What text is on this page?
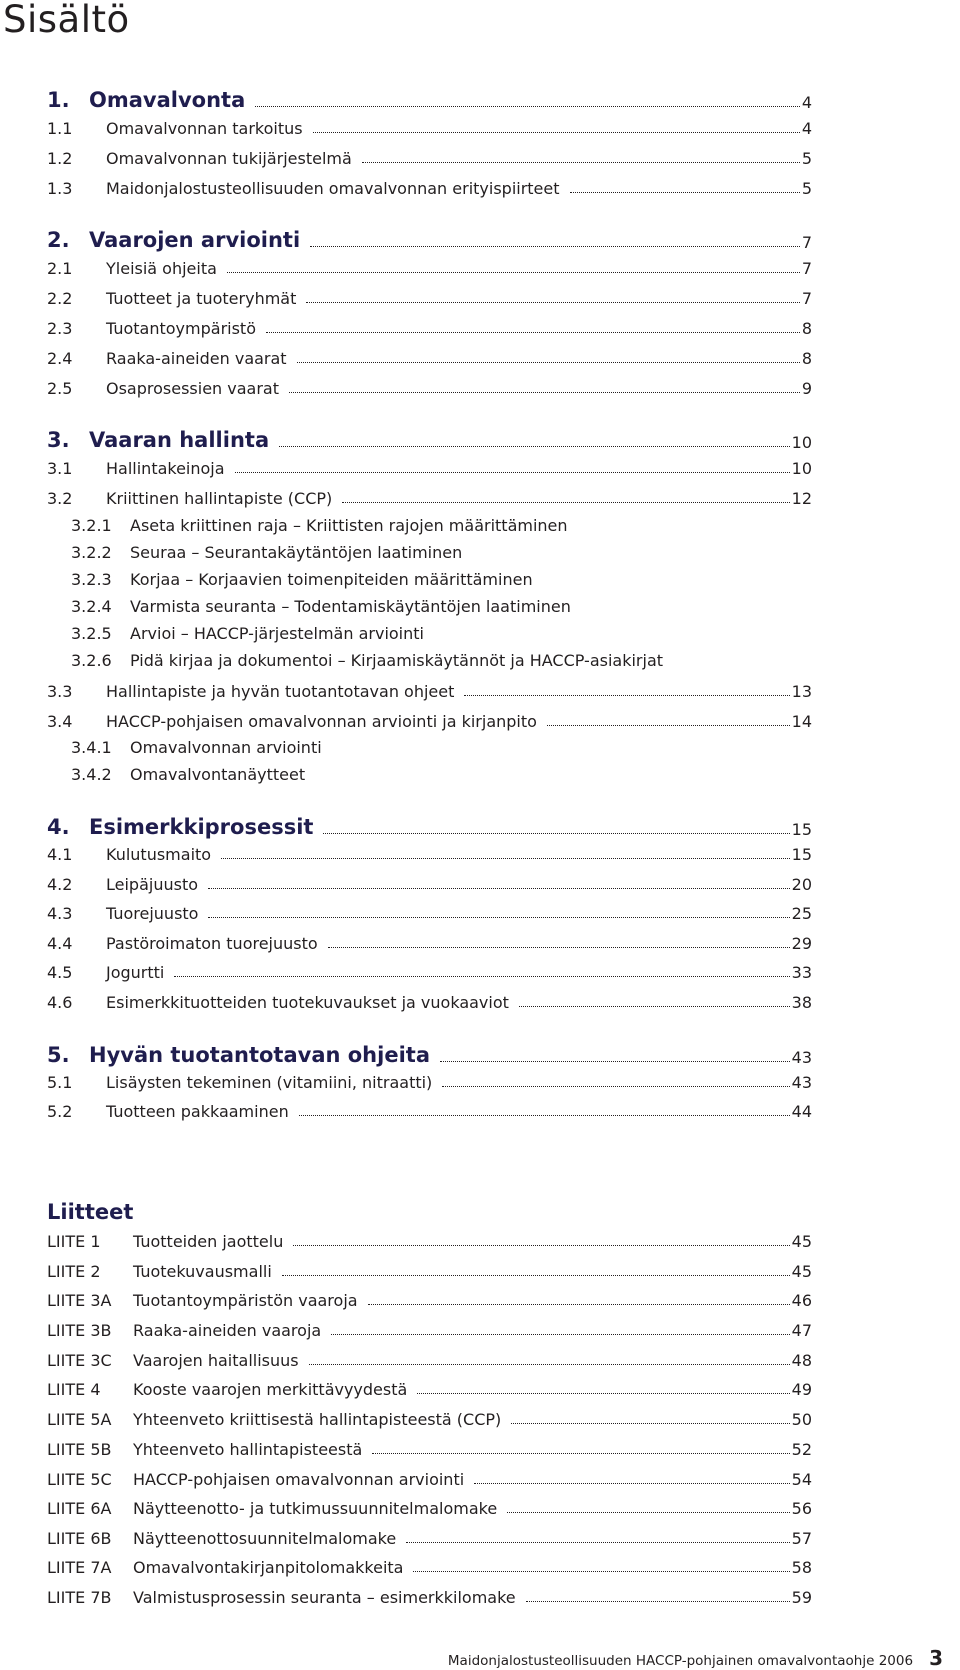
Sisältö
1. Omavalvonta	4
1.1	Omavalvonnan tarkoitus	4
1.2	Omavalvonnan tukijärjestelmä	5
1.3	Maidonjalostusteollisuuden omavalvonnan erityispiirteet	5
2. Vaarojen arviointi	7
2.1	Yleisiä ohjeita	7
2.2	Tuotteet ja tuoteryhmät	7
2.3	Tuotantoympäristö	8
2.4	Raaka-aineiden vaarat	8
2.5	Osaprosessien vaarat	9
3. Vaaran hallinta	10
3.1	Hallintakeinoja	10
3.2	Kriittinen hallintapiste (CCP)	12
3.2.1	Aseta kriittinen raja – Kriittisten rajojen määrittäminen
3.2.2	Seuraa – Seurantakäytäntöjen laatiminen
3.2.3	Korjaa – Korjaavien toimenpiteiden määrittäminen
3.2.4	Varmista seuranta – Todentamiskäytäntöjen laatiminen
3.2.5	Arvioi – HACCP-järjestelmän arviointi
3.2.6	Pidä kirjaa ja dokumentoi – Kirjaamiskäytännöt ja HACCP-asiakirjat
3.3	Hallintapiste ja hyvän tuotantotavan ohjeet	13
3.4	HACCP-pohjaisen omavalvonnan arviointi ja kirjanpito	14
3.4.1	Omavalvonnan arviointi
3.4.2	Omavalvontanäytteet
4. Esimerkkiprosessit	15
4.1	Kulutusmaito	15
4.2	Leipäjuusto	20
4.3	Tuorejuusto	25
4.4	Pastöroimaton tuorejuusto	29
4.5	Jogurtti	33
4.6	Esimerkkituotteiden tuotekuvaukset ja vuokaaviot	38
5. Hyvän tuotantotavan ohjeita	43
5.1	Lisäysten tekeminen (vitamiini, nitraatti)	43
5.2	Tuotteen pakkaaminen	44
Liitteet
LIITE 1	Tuotteiden jaottelu	45
LIITE 2	Tuotekuvausmalli	45
LIITE 3A	Tuotantoympäristön vaaroja	46
LIITE 3B	Raaka-aineiden vaaroja	47
LIITE 3C	Vaarojen haitallisuus	48
LIITE 4	Kooste vaarojen merkittävyydestä	49
LIITE 5A	Yhteenveto kriittisestä hallintapisteestä (CCP)	50
LIITE 5B	Yhteenveto hallintapisteestä	52
LIITE 5C	HACCP-pohjaisen omavalvonnan arviointi	54
LIITE 6A	Näytteenotto- ja tutkimussuunnitelmalomake	56
LIITE 6B	Näytteenottosuunnitelmalomake	57
LIITE 7A	Omavalvontakirjanpitolomakkeita	58
LIITE 7B	Valmistusprosessin seuranta – esimerkkilomake	59
Maidonjalostusteollisuuden HACCP-pohjainen omavalvontaohje 2006 3
